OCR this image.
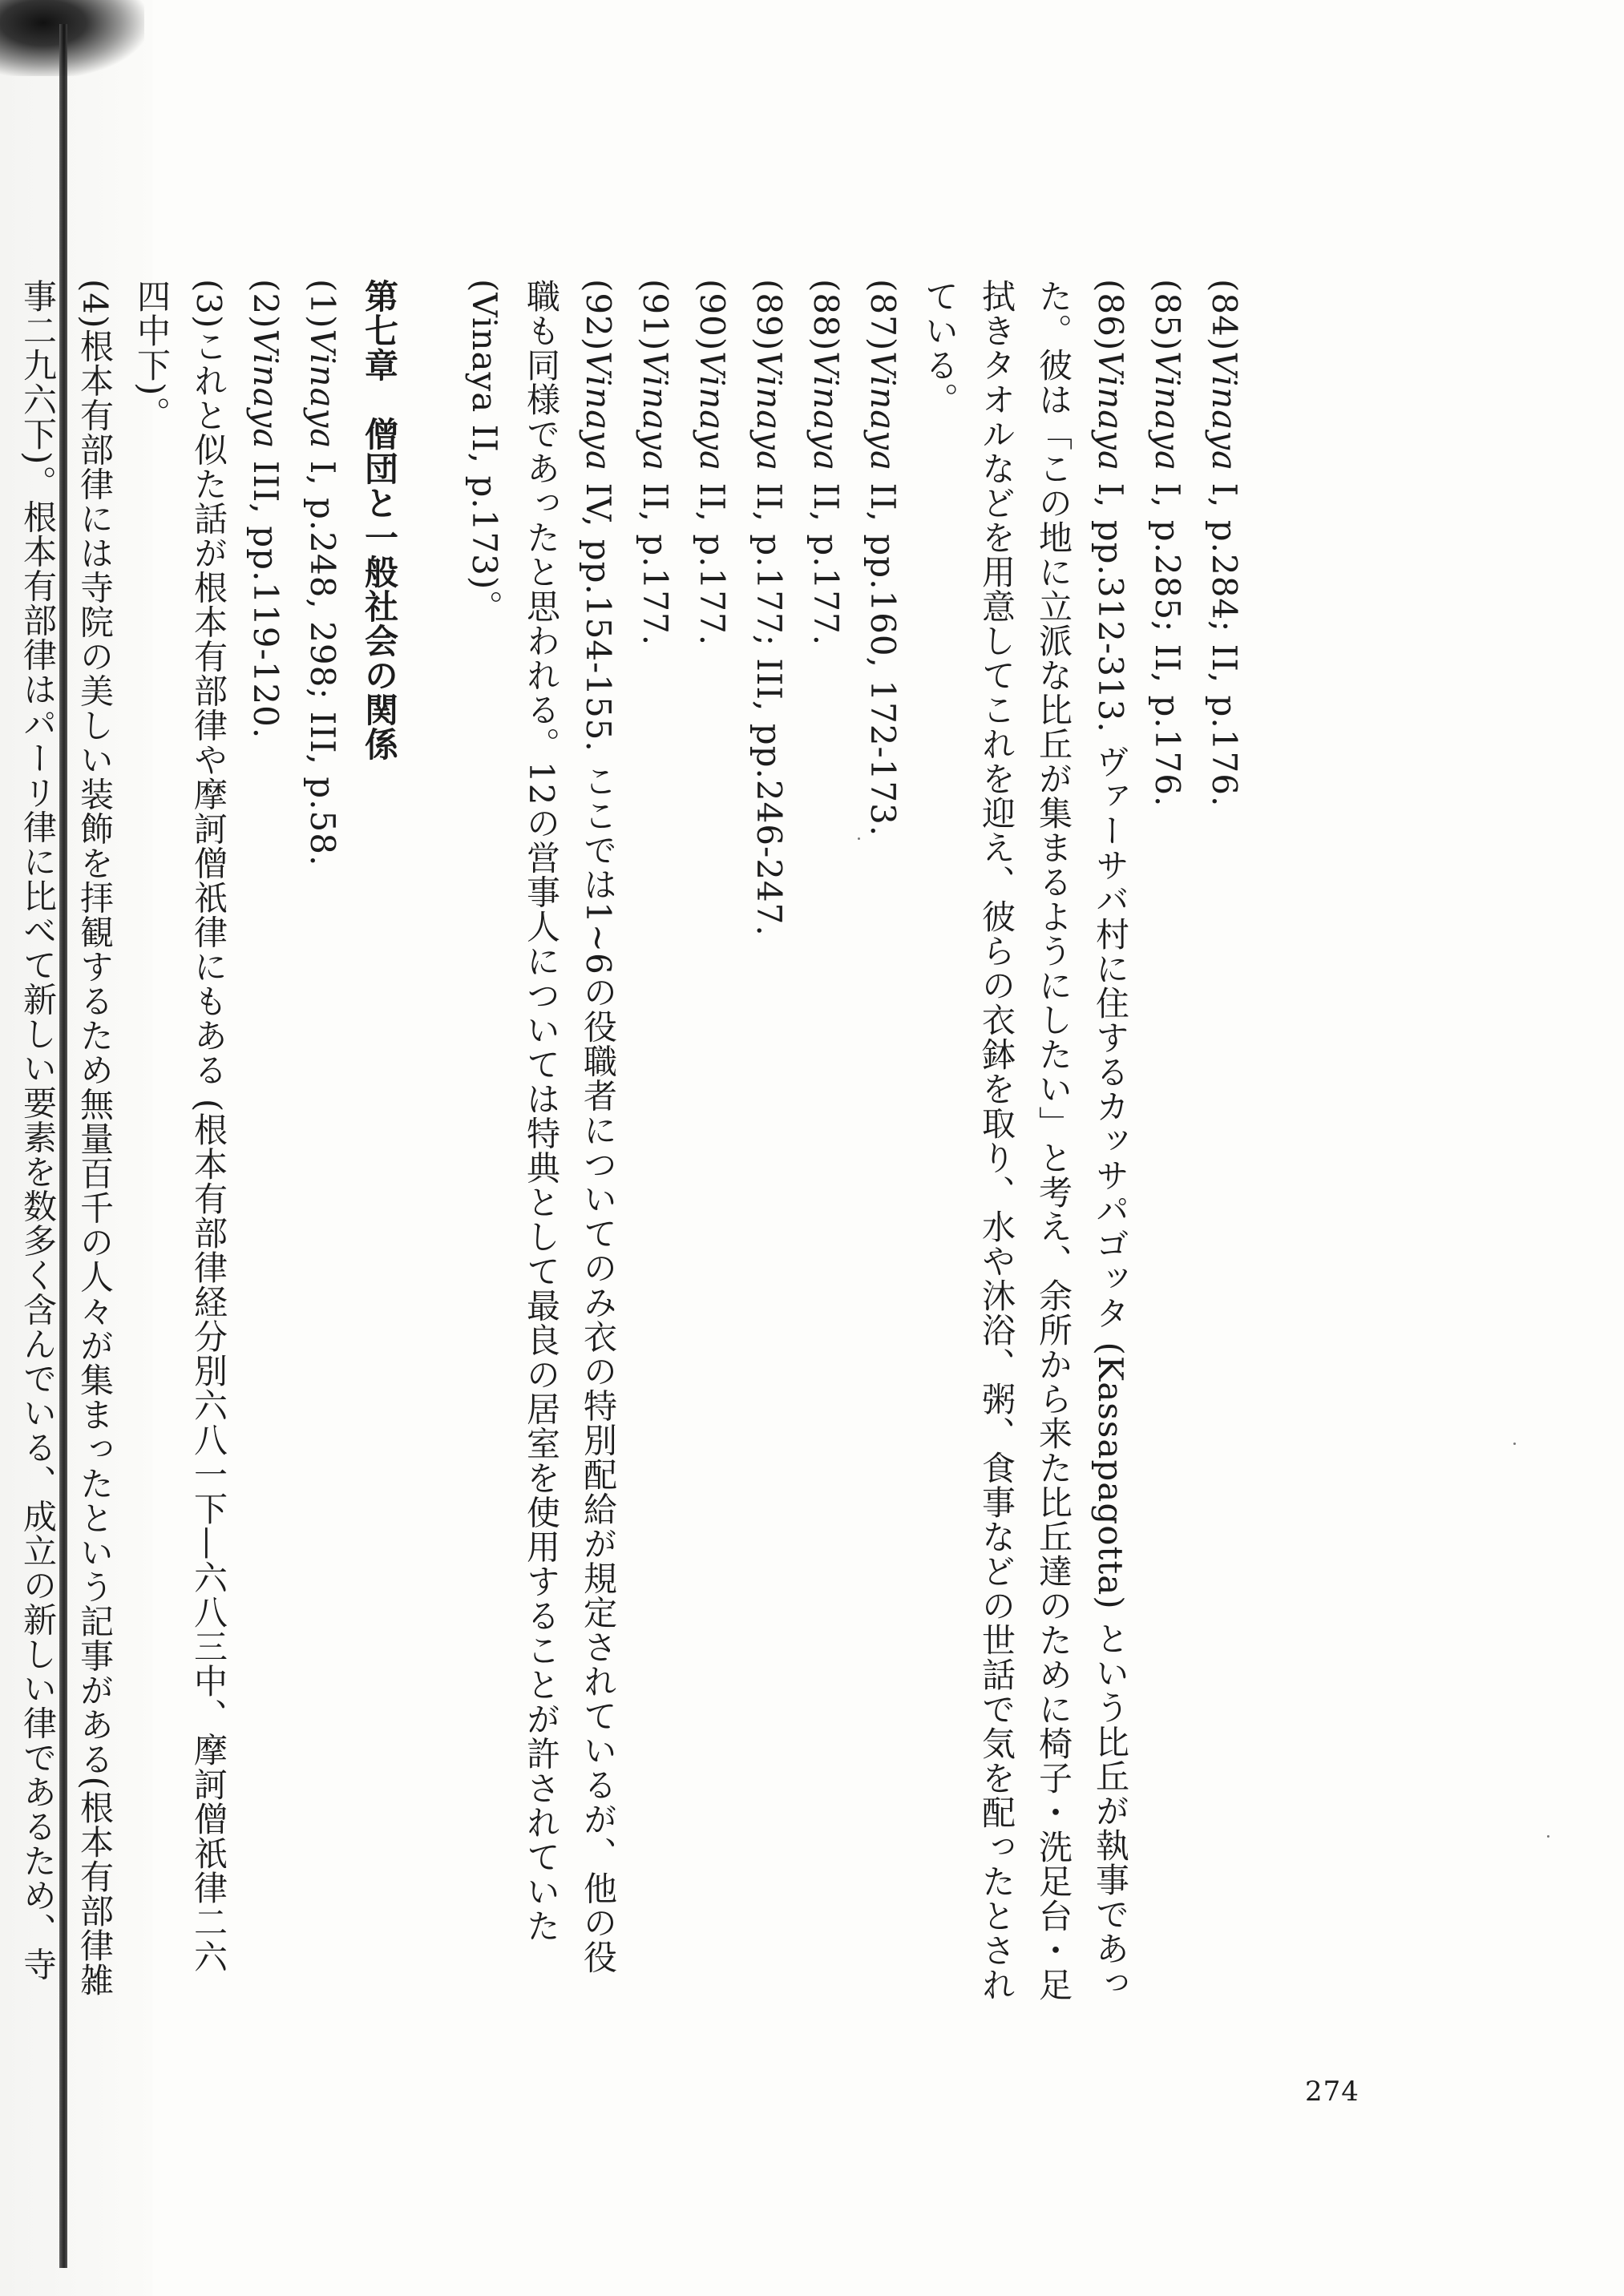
(84)Vinaya I, p.284; II, p.176.
(85)Vinaya I, p.285; II, p.176.
(86)Vinaya I, pp.312-313. ヴァーサバ村に住するカッサパゴッタ (Kassapagotta) という比丘が執事であった。彼は「この地に立派な比丘が集まるようにしたい」と考え、余所から来た比丘達のために椅子・洗足台・足拭きタオルなどを用意してこれを迎え、彼らの衣鉢を取り、水や沐浴、粥、食事などの世話で気を配ったとされている。
(87)Vinaya II, pp.160, 172-173.
(88)Vinaya II, p.177.
(89)Vinaya II, p.177; III, pp.246-247.
(90)Vinaya II, p.177.
(91)Vinaya II, p.177.
(92)Vinaya IV, pp.154-155. ここでは1~6の役職者についてのみ衣の特別配給が規定されているが、他の役職も同様であったと思われる。12の営事人については特典として最良の居室を使用することが許されていた (Vinaya II, p.173)。
第七章　僧団と一般社会の関係
(1)Vinaya I, p.248, 298; III, p.58.
(2)Vinaya III, pp.119-120.
(3)これと似た話が根本有部律や摩訶僧祇律にもある (根本有部律経分別六八一下—六八三中、摩訶僧祇律二六四中下)。
(4)根本有部律には寺院の美しい装飾を拝観するため無量百千の人々が集まったという記事がある(根本有部律雑事二九六下)。根本有部律はパーリ律に比べて新しい要素を数多く含んでいる、成立の新しい律であるため、寺
274
